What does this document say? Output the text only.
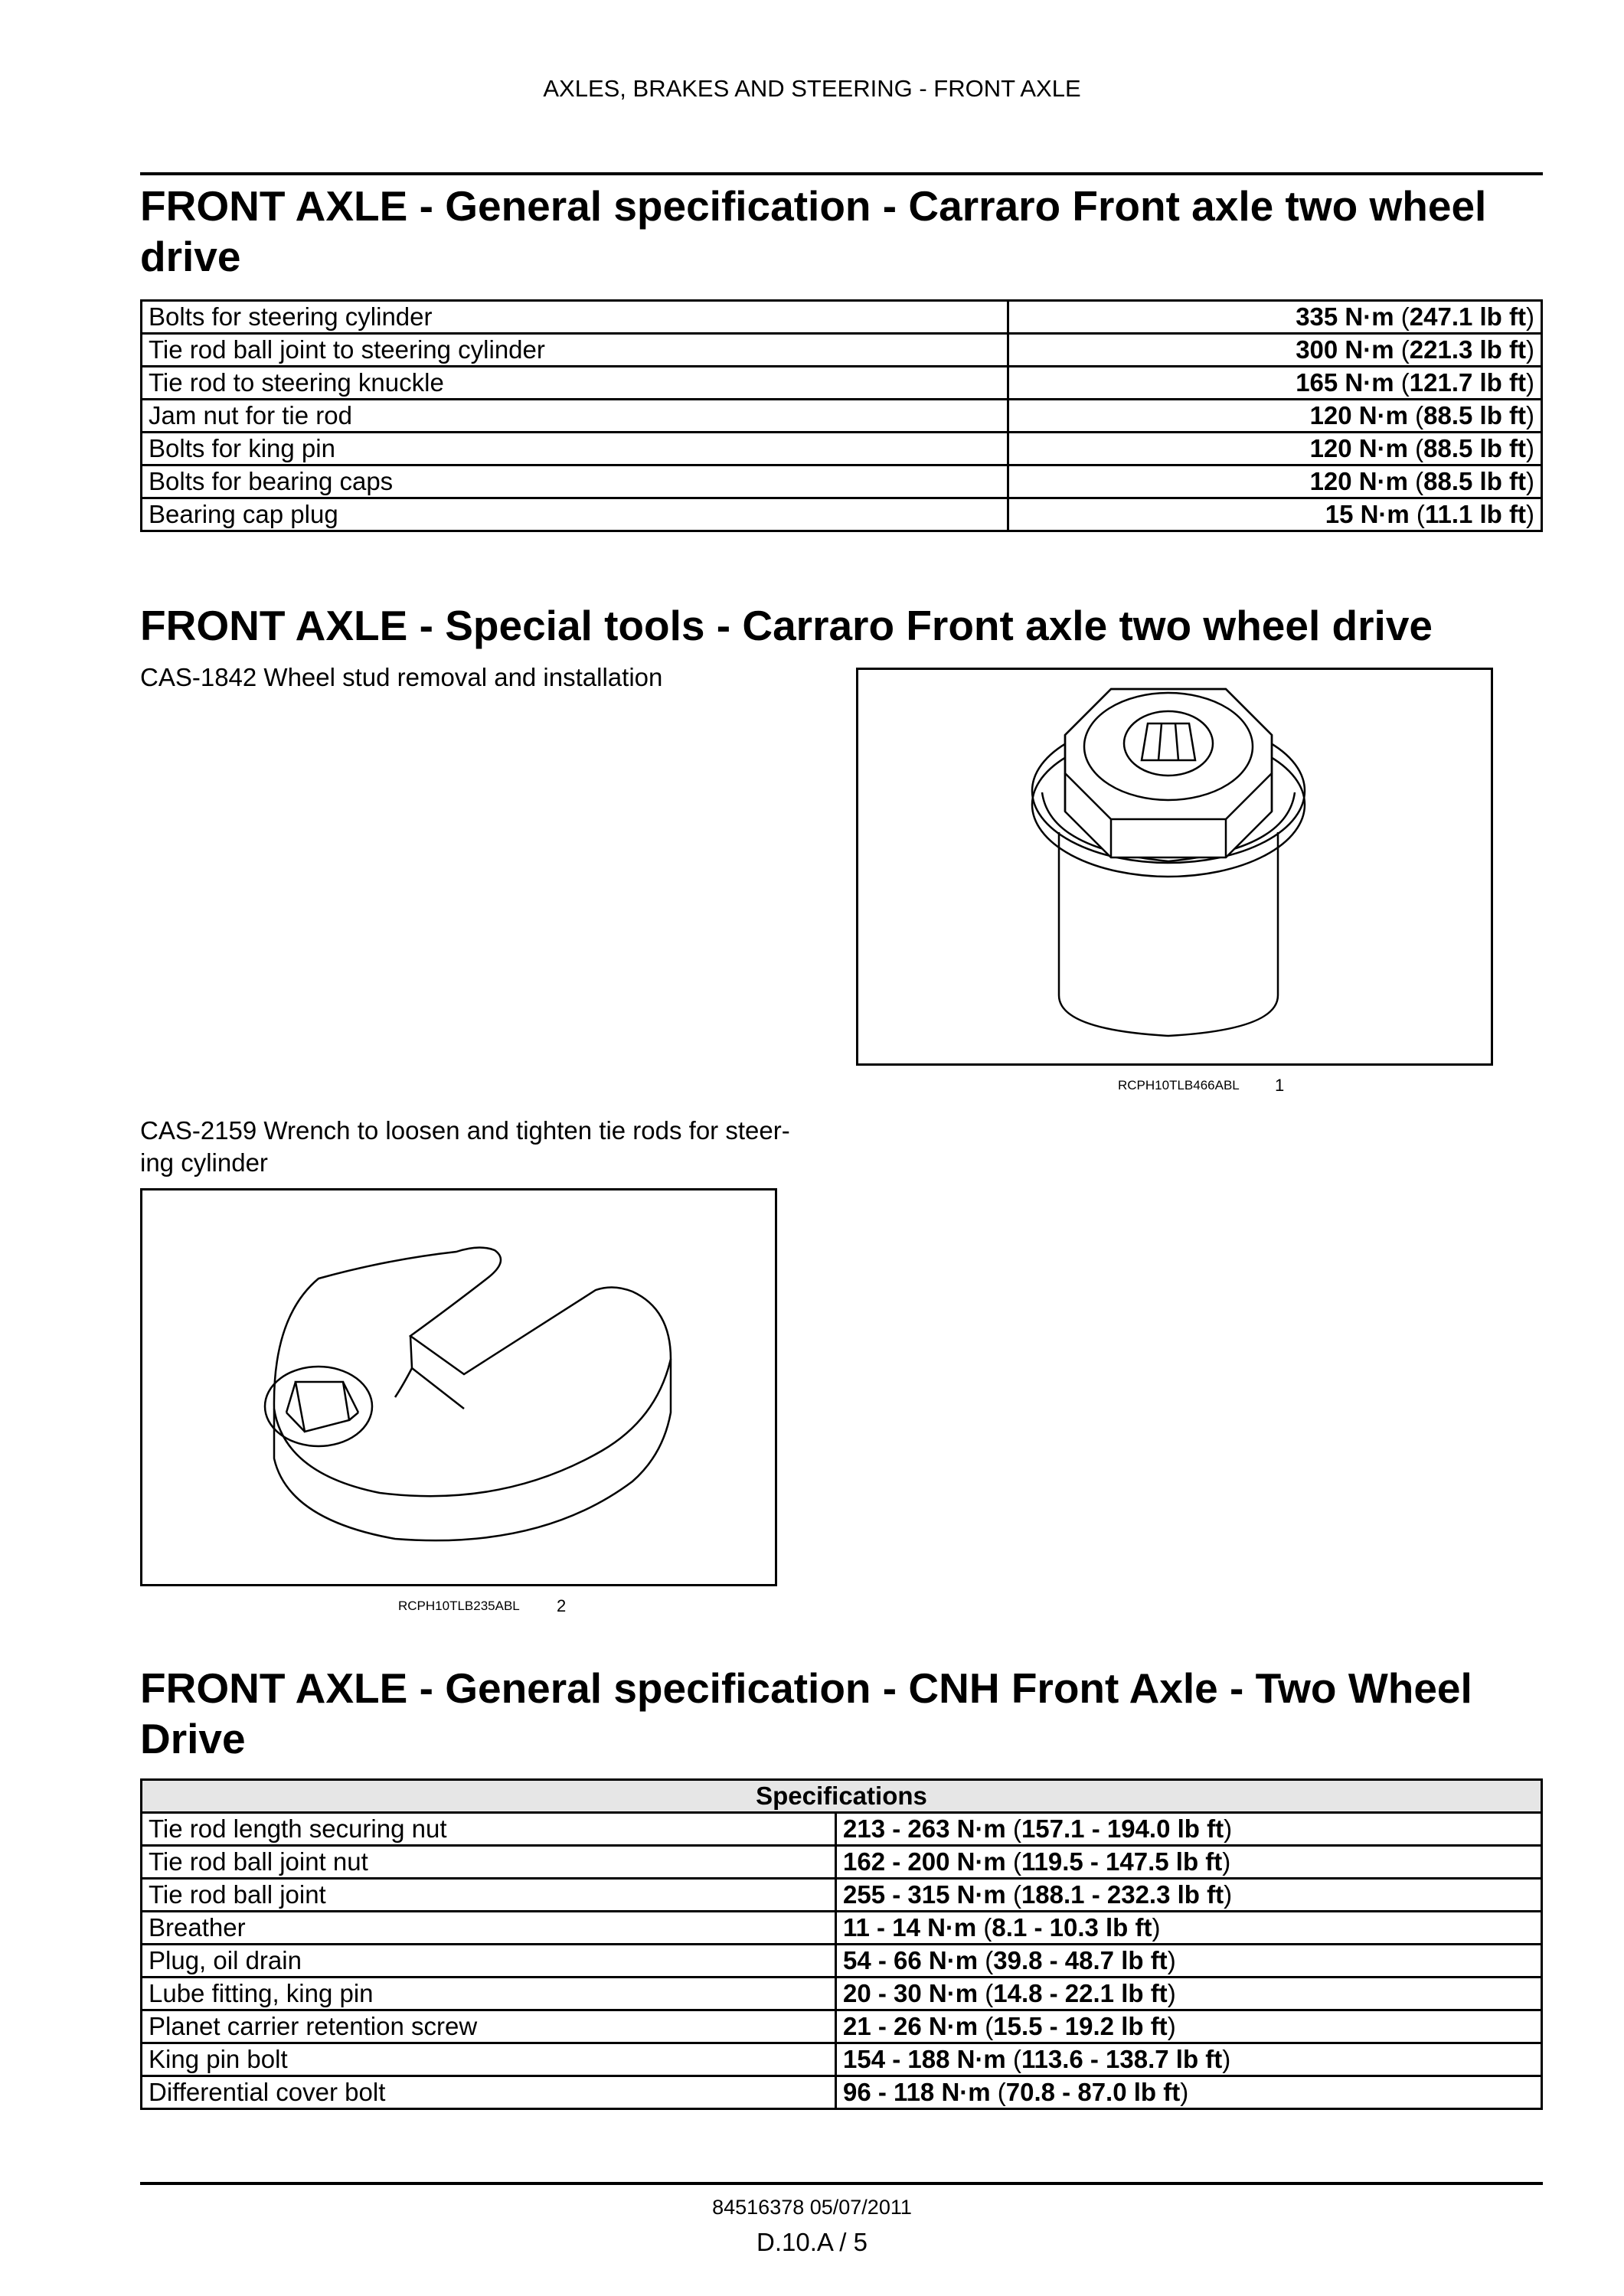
AXLES, BRAKES AND STEERING - FRONT AXLE
FRONT AXLE - General specification - Carraro Front axle two wheel drive
Bolts for steering cylinder	335 N·m (247.1 lb ft)
Tie rod ball joint to steering cylinder	300 N·m (221.3 lb ft)
Tie rod to steering knuckle	165 N·m (121.7 lb ft)
Jam nut for tie rod	120 N·m (88.5 lb ft)
Bolts for king pin	120 N·m (88.5 lb ft)
Bolts for bearing caps	120 N·m (88.5 lb ft)
Bearing cap plug	15 N·m (11.1 lb ft)
FRONT AXLE - Special tools - Carraro Front axle two wheel drive
CAS-1842 Wheel stud removal and installation
RCPH10TLB466ABL 1
CAS-2159 Wrench to loosen and tighten tie rods for steer-
ing cylinder
RCPH10TLB235ABL 2
FRONT AXLE - General specification - CNH Front Axle - Two Wheel Drive
Specifications	
Tie rod length securing nut	213 - 263 N·m (157.1 - 194.0 lb ft)
Tie rod ball joint nut	162 - 200 N·m (119.5 - 147.5 lb ft)
Tie rod ball joint	255 - 315 N·m (188.1 - 232.3 lb ft)
Breather	11 - 14 N·m (8.1 - 10.3 lb ft)
Plug, oil drain	54 - 66 N·m (39.8 - 48.7 lb ft)
Lube fitting, king pin	20 - 30 N·m (14.8 - 22.1 lb ft)
Planet carrier retention screw	21 - 26 N·m (15.5 - 19.2 lb ft)
King pin bolt	154 - 188 N·m (113.6 - 138.7 lb ft)
Differential cover bolt	96 - 118 N·m (70.8 - 87.0 lb ft)
84516378 05/07/2011
D.10.A / 5
